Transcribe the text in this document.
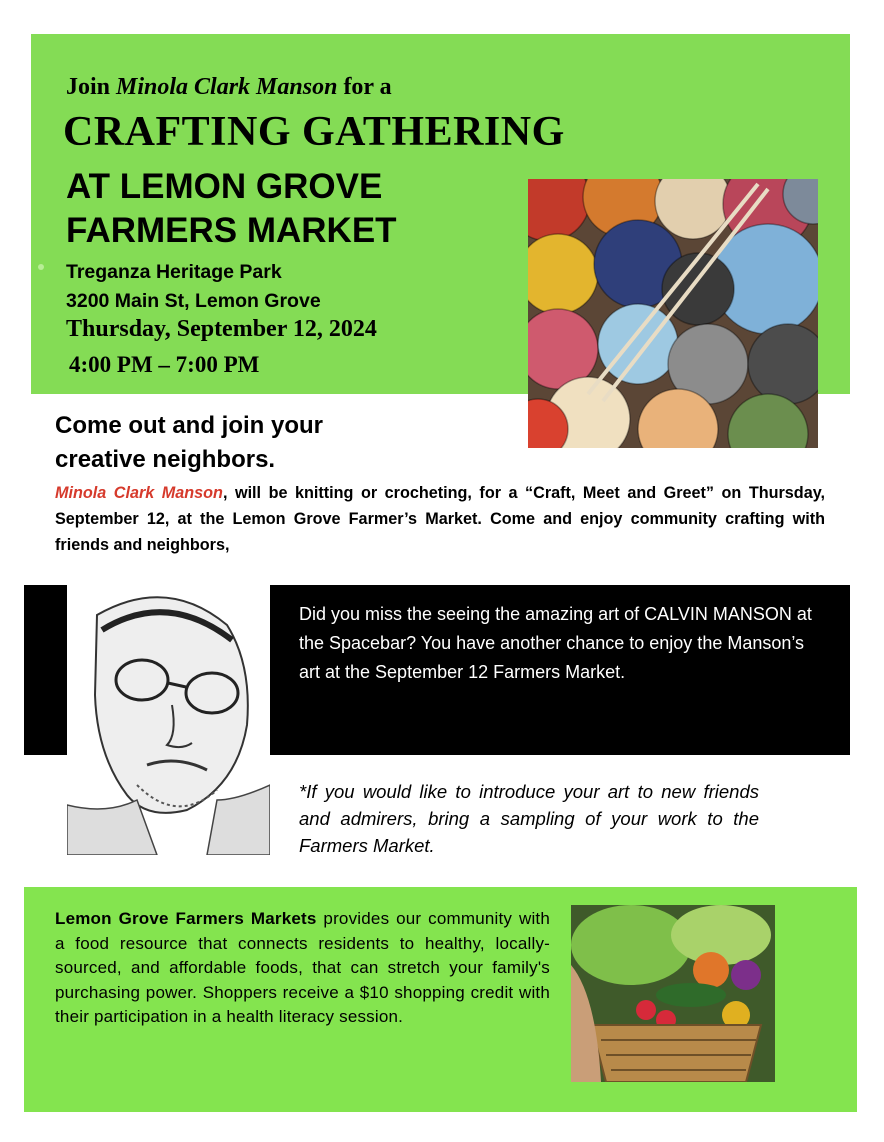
Join Minola Clark Manson for a
CRAFTING GATHERING
AT LEMON GROVE
FARMERS MARKET
Treganza Heritage Park
3200 Main St, Lemon Grove
Thursday, September 12, 2024
4:00 PM – 7:00 PM
Come out and join your
creative neighbors.
Minola Clark Manson, will be knitting or crocheting, for a “Craft, Meet and Greet” on Thursday, September 12, at the Lemon Grove Farmer’s Market. Come and enjoy community crafting with friends and neighbors,
Did you miss the seeing the amazing art of CALVIN MANSON at the Spacebar? You have another chance to enjoy the Manson’s art at the September 12 Farmers Market.
*If you would like to introduce your art to new friends and admirers, bring a sampling of your work to the Farmers Market.
Lemon Grove Farmers Markets provides our community with a food resource that connects residents to healthy, locally-sourced, and affordable foods, that can stretch your family's purchasing power. Shoppers receive a $10 shopping credit with their participation in a health literacy session.
